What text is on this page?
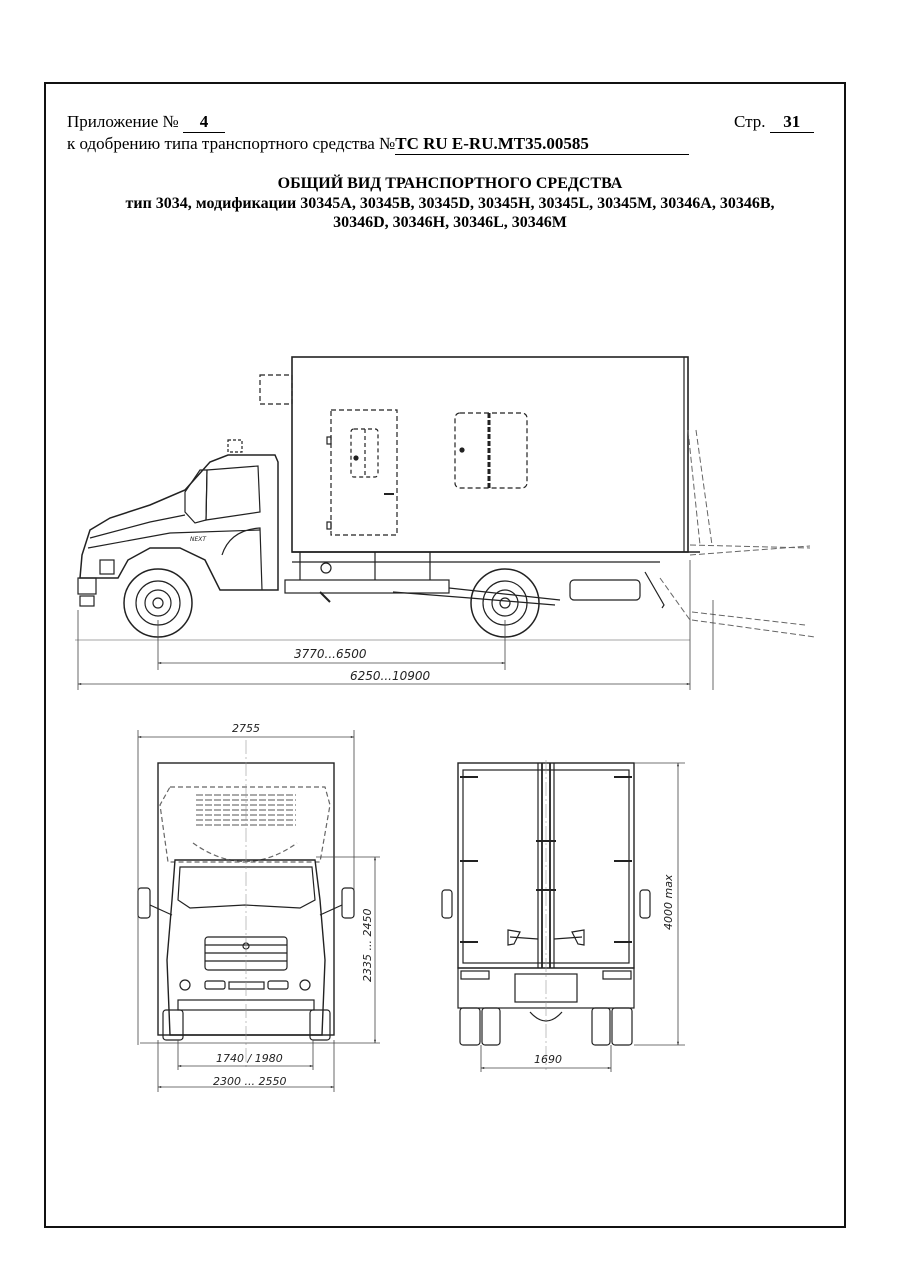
Приложение № 4	Стр. 31
к одобрению типа транспортного средства №ТС RU E-RU.МТ35.00585
ОБЩИЙ ВИД ТРАНСПОРТНОГО СРЕДСТВА
тип 3034, модификации 30345A, 30345B, 30345D, 30345H, 30345L, 30345M, 30346A, 30346B,
30346D, 30346H, 30346L, 30346M
3770...6500
6250...10900
NEXT
2755
2335 ... 2450
1740 / 1980
2300 ... 2550
4000 max
1690
